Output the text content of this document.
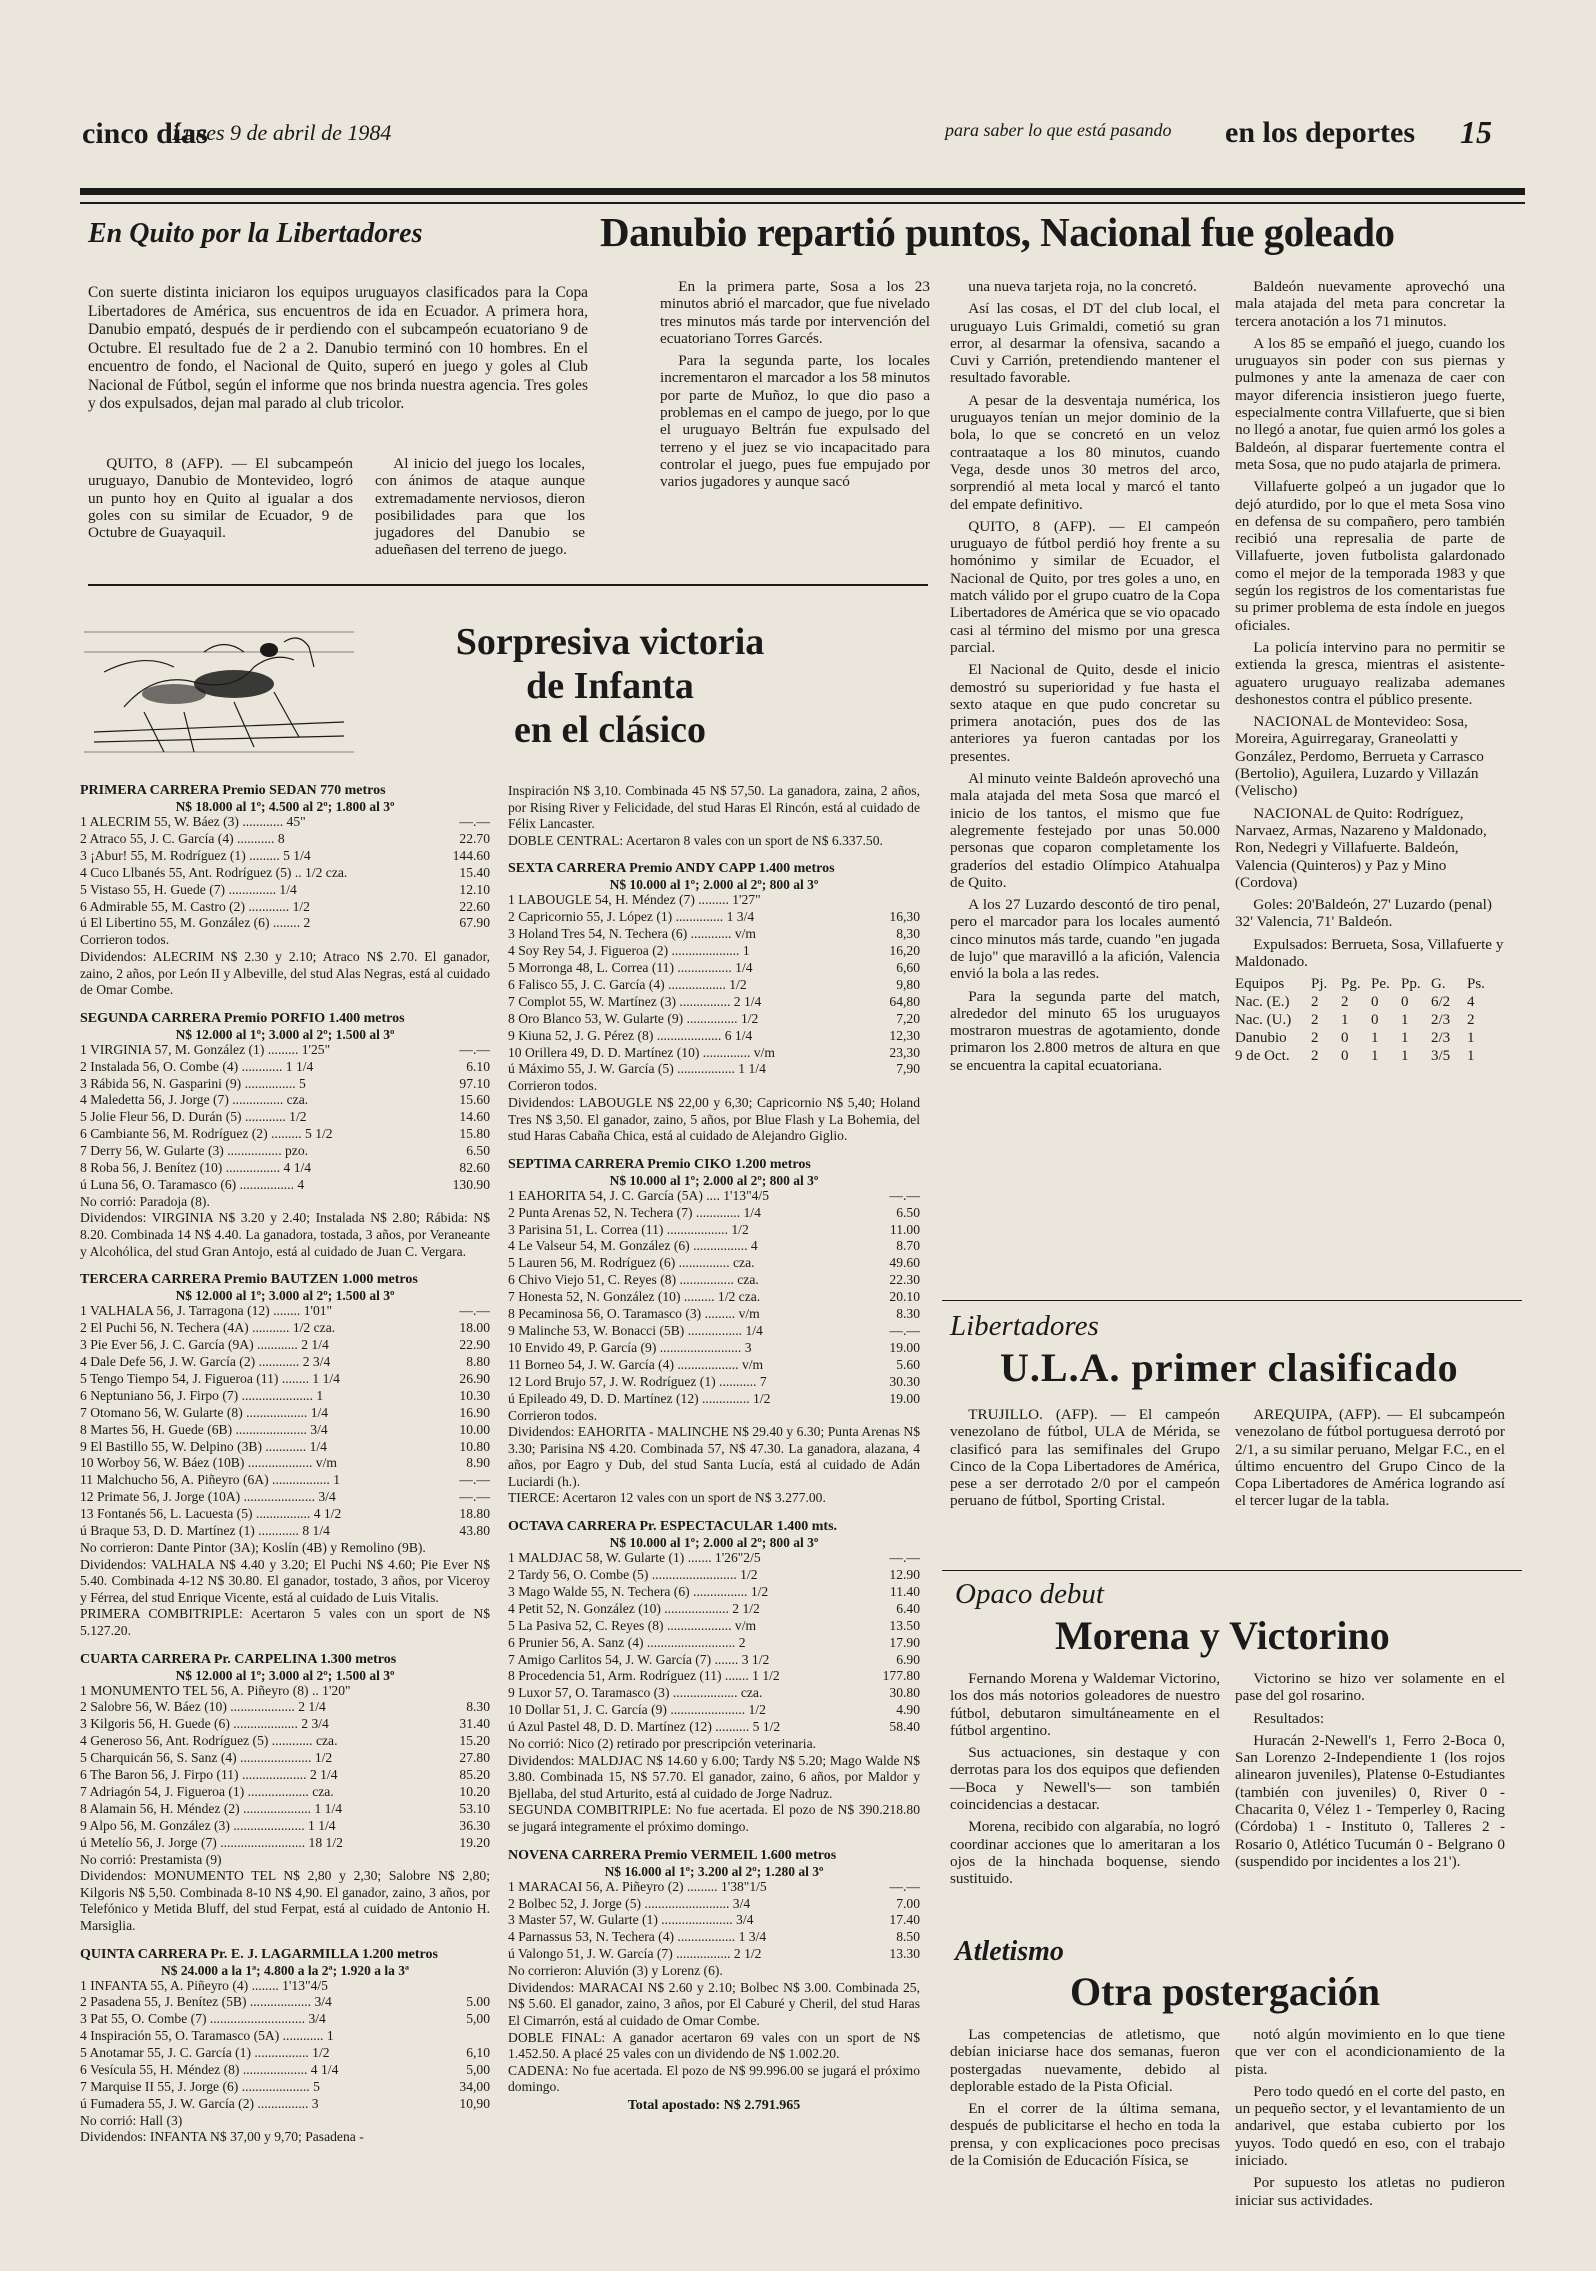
cinco días
Lunes 9 de abril de 1984	para saber lo que está pasando en los deportes 15
En Quito por la Libertadores	Danubio repartió puntos, Nacional fue goleado

Con suerte distinta iniciaron los equipos uruguayos clasificados para la Copa Libertadores de América, sus encuentros de ida en Ecuador. A primera hora, Danubio empató, después de ir perdiendo con el subcampeón ecuatoriano 9 de Octubre. El resultado fue de 2 a 2. Danubio terminó con 10 hombres. En el encuentro de fondo, el Nacional de Quito, superó en juego y goles al Club Nacional de Fútbol, según el informe que nos brinda nuestra agencia. Tres goles y dos expulsados, dejan mal parado al club tricolor.

QUITO, 8 (AFP). — El subcampeón uruguayo, Danubio de Montevideo, logró un punto hoy en Quito al igualar a dos goles con su similar de Ecuador, 9 de Octubre de Guayaquil.

Al inicio del juego los locales, con ánimos de ataque aunque extremadamente nerviosos, dieron posibilidades para que los jugadores del Danubio se adueñasen del terreno de juego.

En la primera parte, Sosa a los 23 minutos abrió el marcador, que fue nivelado tres minutos más tarde por intervención del ecuatoriano Torres Garcés.

Para la segunda parte, los locales incrementaron el marcador a los 58 minutos por parte de Muñoz, lo que dio paso a problemas en el campo de juego, por lo que el uruguayo Beltrán fue expulsado del terreno y el juez se vio incapacitado para controlar el juego, pues fue empujado por varios jugadores y aunque sacó

una nueva tarjeta roja, no la concretó.

Así las cosas, el DT del club local, el uruguayo Luis Grimaldi, cometió su gran error, al desarmar la ofensiva, sacando a Cuvi y Carrión, pretendiendo mantener el resultado favorable.

A pesar de la desventaja numérica, los uruguayos tenían un mejor dominio de la bola, lo que se concretó en un veloz contraataque a los 80 minutos, cuando Vega, desde unos 30 metros del arco, sorprendió al meta local y marcó el tanto del empate definitivo.

QUITO, 8 (AFP). — El campeón uruguayo de fútbol perdió hoy frente a su homónimo y similar de Ecuador, el Nacional de Quito, por tres goles a uno, en match válido por el grupo cuatro de la Copa Libertadores de América que se vio opacado casi al término del mismo por una gresca parcial.

El Nacional de Quito, desde el inicio demostró su superioridad y fue hasta el sexto ataque en que pudo concretar su primera anotación, pues dos de las anteriores ya fueron cantadas por los presentes.

Al minuto veinte Baldeón aprovechó una mala atajada del meta Sosa que marcó el inicio de los tantos, el mismo que fue alegremente festejado por unas 50.000 personas que coparon completamente los graderíos del estadio Olímpico Atahualpa de Quito.

A los 27 Luzardo descontó de tiro penal, pero el marcador para los locales aumentó cinco minutos más tarde, cuando "en jugada de lujo" que maravilló a la afición, Valencia envió la bola a las redes.

Para la segunda parte del match, alrededor del minuto 65 los uruguayos mostraron muestras de agotamiento, donde primaron los 2.800 metros de altura en que se encuentra la capital ecuatoriana.

Baldeón nuevamente aprovechó una mala atajada del meta para concretar la tercera anotación a los 71 minutos.

A los 85 se empañó el juego, cuando los uruguayos sin poder con sus piernas y pulmones y ante la amenaza de caer con mayor diferencia insistieron juego fuerte, especialmente contra Villafuerte, que si bien no llegó a anotar, fue quien armó los goles a Baldeón, al disparar fuertemente contra el meta Sosa, que no pudo atajarla de primera.

Villafuerte golpeó a un jugador que lo dejó aturdido, por lo que el meta Sosa vino en defensa de su compañero, pero también recibió una represalia de parte de Villafuerte, joven futbolista galardonado como el mejor de la temporada 1983 y que según los registros de los comentaristas fue su primer problema de esta índole en juegos oficiales.

La policía intervino para no permitir se extienda la gresca, mientras el asistente-aguatero uruguayo realizaba ademanes deshonestos contra el público presente.

NACIONAL de Montevideo: Sosa, Moreira, Aguirregaray, Graneolatti y González, Perdomo, Berrueta y Carrasco (Bertolio), Aguilera, Luzardo y Villazán (Velischo)

NACIONAL de Quito: Rodríguez, Narvaez, Armas, Nazareno y Maldonado, Ron, Nedegri y Villafuerte. Baldeón, Valencia (Quinteros) y Paz y Mino (Cordova)

Goles: 20'Baldeón, 27' Luzardo (penal) 32' Valencia, 71' Baldeón.

Expulsados: Berrueta, Sosa, Villafuerte y Maldonado.

Equipos	Pj. Pg. Pe. Pp. G.	Ps.
Nac. (E.)	2	2	0	0	6/2	4
Nac. (U.)	2	1	0	1	2/3	2
Danubio	2	0	1	1	2/3	1
9 de Oct.	2	0	1	1	3/5	1
Sorpresiva victoria
de Infanta
en el clásico
PRIMERA CARRERA Premio SEDAN 770 metros
N$ 18.000 al 1º; 4.500 al 2º; 1.800 al 3º
1 ALECRIM 55, W. Báez (3) ............ 45"	—.—
2 Atraco 55, J. C. García (4) ........... 8	22.70
3 ¡Abur! 55, M. Rodríguez (1) ......... 5 1/4	144.60
4 Cuco Llbanés 55, Ant. Rodríguez (5) .. 1/2 cza.	15.40
5 Vistaso 55, H. Guede (7) .............. 1/4	12.10
6 Admirable 55, M. Castro (2) ............ 1/2	22.60
ú El Libertino 55, M. González (6) ........ 2	67.90
Corrieron todos.
Dividendos: ALECRIM N$ 2.30 y 2.10; Atraco N$ 2.70. El ganador, zaino, 2 años, por León II y Albeville, del stud Alas Negras, está al cuidado de Omar Combe.
SEGUNDA CARRERA Premio PORFIO 1.400 metros
N$ 12.000 al 1º; 3.000 al 2º; 1.500 al 3º
1 VIRGINIA 57, M. González (1) ......... 1'25"	—.—
2 Instalada 56, O. Combe (4) ............ 1 1/4	6.10
3 Rábida 56, N. Gasparini (9) ............... 5	97.10
4 Maledetta 56, J. Jorge (7) ............... cza.	15.60
5 Jolie Fleur 56, D. Durán (5) ............ 1/2	14.60
6 Cambiante 56, M. Rodríguez (2) ......... 5 1/2	15.80
7 Derry 56, W. Gularte (3) ................ pzo.	6.50
8 Roba 56, J. Benítez (10) ................ 4 1/4	82.60
ú Luna 56, O. Taramasco (6) ................ 4	130.90
No corrió: Paradoja (8).
Dividendos: VIRGINIA N$ 3.20 y 2.40; Instalada N$ 2.80; Rábida: N$ 8.20. Combinada 14 N$ 4.40. La ganadora, tostada, 3 años, por Veraneante y Alcohólica, del stud Gran Antojo, está al cuidado de Juan C. Vergara.
TERCERA CARRERA Premio BAUTZEN 1.000 metros
N$ 12.000 al 1º; 3.000 al 2º; 1.500 al 3º
1 VALHALA 56, J. Tarragona (12) ........ 1'01"	—.—
2 El Puchi 56, N. Techera (4A) ........... 1/2 cza.	18.00
3 Pie Ever 56, J. C. García (9A) ............ 2 1/4	22.90
4 Dale Defe 56, J. W. García (2) ............ 2 3/4	8.80
5 Tengo Tiempo 54, J. Figueroa (11) ........ 1 1/4	26.90
6 Neptuniano 56, J. Firpo (7) ..................... 1	10.30
7 Otomano 56, W. Gularte (8) .................. 1/4	16.90
8 Martes 56, H. Guede (6B) ..................... 3/4	10.00
9 El Bastillo 55, W. Delpino (3B) ............ 1/4	10.80
10 Worboy 56, W. Báez (10B) ................... v/m	8.90
11 Malchucho 56, A. Piñeyro (6A) ................. 1	—.—
12 Primate 56, J. Jorge (10A) ..................... 3/4	—.—
13 Fontanés 56, L. Lacuesta (5) ................ 4 1/2	18.80
ú Braque 53, D. D. Martínez (1) ............ 8 1/4	43.80
No corrieron: Dante Pintor (3A); Koslín (4B) y Remolino (9B).
Dividendos: VALHALA N$ 4.40 y 3.20; El Puchi N$ 4.60; Pie Ever N$ 5.40. Combinada 4-12 N$ 30.80. El ganador, tostado, 3 años, por Viceroy y Férrea, del stud Enrique Vicente, está al cuidado de Luis Vitalis.
PRIMERA COMBITRIPLE: Acertaron 5 vales con un sport de N$ 5.127.20.
CUARTA CARRERA Pr. CARPELINA 1.300 metros
N$ 12.000 al 1º; 3.000 al 2º; 1.500 al 3º
1 MONUMENTO TEL 56, A. Piñeyro (8) .. 1'20"
2 Salobre 56, W. Báez (10) ................... 2 1/4	8.30
3 Kilgoris 56, H. Guede (6) ................... 2 3/4	31.40
4 Generoso 56, Ant. Rodríguez (5) ............ cza.	15.20
5 Charquicán 56, S. Sanz (4) ..................... 1/2	27.80
6 The Baron 56, J. Firpo (11) ................... 2 1/4	85.20
7 Adriagón 54, J. Figueroa (1) .................. cza.	10.20
8 Alamain 56, H. Méndez (2) .................... 1 1/4	53.10
9 Alpo 56, M. González (3) ..................... 1 1/4	36.30
ú Metelío 56, J. Jorge (7) ......................... 18 1/2	19.20
No corrió: Prestamista (9)
Dividendos: MONUMENTO TEL N$ 2,80 y 2,30; Salobre N$ 2,80; Kilgoris N$ 5,50. Combinada 8-10 N$ 4,90. El ganador, zaino, 3 años, por Telefónico y Metida Bluff, del stud Ferpat, está al cuidado de Antonio H. Marsiglia.
QUINTA CARRERA Pr. E. J. LAGARMILLA 1.200 metros
N$ 24.000 a la 1ª; 4.800 a la 2ª; 1.920 a la 3ª
1 INFANTA 55, A. Piñeyro (4) ........ 1'13"4/5
2 Pasadena 55, J. Benítez (5B) .................. 3/4	5.00
3 Pat 55, O. Combe (7) ............................ 3/4	5,00
4 Inspiración 55, O. Taramasco (5A) ............ 1
5 Anotamar 55, J. C. García (1) ................ 1/2	6,10
6 Vesícula 55, H. Méndez (8) ................... 4 1/4	5,00
7 Marquise II 55, J. Jorge (6) .................... 5	34,00
ú Fumadera 55, J. W. García (2) ............... 3	10,90
No corrió: Hall (3)
Dividendos: INFANTA N$ 37,00 y 9,70; Pasadena -
Inspiración N$ 3,10. Combinada 45 N$ 57,50. La ganadora, zaina, 2 años, por Rising River y Felicidade, del stud Haras El Rincón, está al cuidado de Félix Lancaster.
DOBLE CENTRAL: Acertaron 8 vales con un sport de N$ 6.337.50.
SEXTA CARRERA Premio ANDY CAPP 1.400 metros
N$ 10.000 al 1º; 2.000 al 2º; 800 al 3º
1 LABOUGLE 54, H. Méndez (7) ......... 1'27"
2 Capricornio 55, J. López (1) .............. 1 3/4	16,30
3 Holand Tres 54, N. Techera (6) ............ v/m	8,30
4 Soy Rey 54, J. Figueroa (2) .................... 1	16,20
5 Morronga 48, L. Correa (11) ................ 1/4	6,60
6 Falisco 55, J. C. García (4) ................. 1/2	9,80
7 Complot 55, W. Martínez (3) ............... 2 1/4	64,80
8 Oro Blanco 53, W. Gularte (9) ............... 1/2	7,20
9 Kiuna 52, J. G. Pérez (8) ................... 6 1/4	12,30
10 Orillera 49, D. D. Martínez (10) .............. v/m	23,30
ú Máximo 55, J. W. García (5) ................. 1 1/4	7,90
Corrieron todos.
Dividendos: LABOUGLE N$ 22,00 y 6,30; Capricornio N$ 5,40; Holand Tres N$ 3,50. El ganador, zaino, 5 años, por Blue Flash y La Bohemia, del stud Haras Cabaña Chica, está al cuidado de Alejandro Giglio.
SEPTIMA CARRERA Premio CIKO 1.200 metros
N$ 10.000 al 1º; 2.000 al 2º; 800 al 3º
1 EAHORITA 54, J. C. García (5A) .... 1'13"4/5	—.—
2 Punta Arenas 52, N. Techera (7) ............. 1/4	6.50
3 Parisina 51, L. Correa (11) .................. 1/2	11.00
4 Le Valseur 54, M. González (6) ................ 4	8.70
5 Lauren 56, M. Rodríguez (6) ............... cza.	49.60
6 Chivo Viejo 51, C. Reyes (8) ................ cza.	22.30
7 Honesta 52, N. González (10) ......... 1/2 cza.	20.10
8 Pecaminosa 56, O. Taramasco (3) ......... v/m	8.30
9 Malinche 53, W. Bonacci (5B) ................ 1/4	—.—
10 Envido 49, P. García (9) ........................ 3	19.00
11 Borneo 54, J. W. García (4) .................. v/m	5.60
12 Lord Brujo 57, J. W. Rodríguez (1) ........... 7	30.30
ú Epileado 49, D. D. Martínez (12) .............. 1/2	19.00
Corrieron todos.
Dividendos: EAHORITA - MALINCHE N$ 29.40 y 6.30; Punta Arenas N$ 3.30; Parisina N$ 4.20. Combinada 57, N$ 47.30. La ganadora, alazana, 4 años, por Eagro y Dub, del stud Santa Lucía, está al cuidado de Adán Luciardi (h.).
TIERCE: Acertaron 12 vales con un sport de N$ 3.277.00.
OCTAVA CARRERA Pr. ESPECTACULAR 1.400 mts.
N$ 10.000 al 1º; 2.000 al 2º; 800 al 3º
1 MALDJAC 58, W. Gularte (1) ....... 1'26"2/5	—.—
2 Tardy 56, O. Combe (5) ......................... 1/2	12.90
3 Mago Walde 55, N. Techera (6) ................ 1/2	11.40
4 Petit 52, N. González (10) ................... 2 1/2	6.40
5 La Pasiva 52, C. Reyes (8) ................... v/m	13.50
6 Prunier 56, A. Sanz (4) .......................... 2	17.90
7 Amigo Carlitos 54, J. W. García (7) ....... 3 1/2	6.90
8 Procedencia 51, Arm. Rodríguez (11) ....... 1 1/2	177.80
9 Luxor 57, O. Taramasco (3) ................... cza.	30.80
10 Dollar 51, J. C. García (9) ...................... 1/2	4.90
ú Azul Pastel 48, D. D. Martínez (12) .......... 5 1/2	58.40
No corrió: Nico (2) retirado por prescripción veterinaria.
Dividendos: MALDJAC N$ 14.60 y 6.00; Tardy N$ 5.20; Mago Walde N$ 3.80. Combinada 15, N$ 57.70. El ganador, zaino, 6 años, por Maldor y Bjellaba, del stud Arturito, está al cuidado de Jorge Nadruz.
SEGUNDA COMBITRIPLE: No fue acertada. El pozo de N$ 390.218.80 se jugará integramente el próximo domingo.
NOVENA CARRERA Premio VERMEIL 1.600 metros
N$ 16.000 al 1º; 3.200 al 2º; 1.280 al 3º
1 MARACAI 56, A. Piñeyro (2) ......... 1'38"1/5	—.—
2 Bolbec 52, J. Jorge (5) ......................... 3/4	7.00
3 Master 57, W. Gularte (1) ..................... 3/4	17.40
4 Parnassus 53, N. Techera (4) ................. 1 3/4	8.50
ú Valongo 51, J. W. García (7) ................ 2 1/2	13.30
No corrieron: Aluvión (3) y Lorenz (6).
Dividendos: MARACAI N$ 2.60 y 2.10; Bolbec N$ 3.00. Combinada 25, N$ 5.60. El ganador, zaino, 3 años, por El Caburé y Cheril, del stud Haras El Cimarrón, está al cuidado de Omar Combe.
DOBLE FINAL: A ganador acertaron 69 vales con un sport de N$ 1.452.50. A placé 25 vales con un dividendo de N$ 1.002.20.
CADENA: No fue acertada. El pozo de N$ 99.996.00 se jugará el próximo domingo.
Total apostado: N$ 2.791.965
Libertadores
U.L.A. primer clasificado

TRUJILLO. (AFP). — El campeón venezolano de fútbol, ULA de Mérida, se clasificó para las semifinales del Grupo Cinco de la Copa Libertadores de América, pese a ser derrotado 2/0 por el campeón peruano de fútbol, Sporting Cristal.

AREQUIPA, (AFP). — El subcampeón venezolano de fútbol portuguesa derrotó por 2/1, a su similar peruano, Melgar F.C., en el último encuentro del Grupo Cinco de la Copa Libertadores de América logrando así el tercer lugar de la tabla.

Opaco debut
Morena y Victorino

Fernando Morena y Waldemar Victorino, los dos más notorios goleadores de nuestro fútbol, debutaron simultáneamente en el fútbol argentino.

Sus actuaciones, sin destaque y con derrotas para los dos equipos que defienden —Boca y Newell's— son también coincidencias a destacar.

Morena, recibido con algarabía, no logró coordinar acciones que lo ameritaran a los ojos de la hinchada boquense, siendo sustituido.

Victorino se hizo ver solamente en el pase del gol rosarino.

Resultados:

Huracán 2-Newell's 1, Ferro 2-Boca 0, San Lorenzo 2-Independiente 1 (los rojos alinearon juveniles), Platense 0-Estudiantes (también con juveniles) 0, River 0 - Chacarita 0, Vélez 1 - Temperley 0, Racing (Córdoba) 1 - Instituto 0, Talleres 2 - Rosario 0, Atlético Tucumán 0 - Belgrano 0 (suspendido por incidentes a los 21').

Atletismo
Otra postergación

Las competencias de atletismo, que debían iniciarse hace dos semanas, fueron postergadas nuevamente, debido al deplorable estado de la Pista Oficial.

En el correr de la última semana, después de publicitarse el hecho en toda la prensa, y con explicaciones poco precisas de la Comisión de Educación Física, se

notó algún movimiento en lo que tiene que ver con el acondicionamiento de la pista.

Pero todo quedó en el corte del pasto, en un pequeño sector, y el levantamiento de un andarivel, que estaba cubierto por los yuyos. Todo quedó en eso, con el trabajo iniciado.

Por supuesto los atletas no pudieron iniciar sus actividades.
